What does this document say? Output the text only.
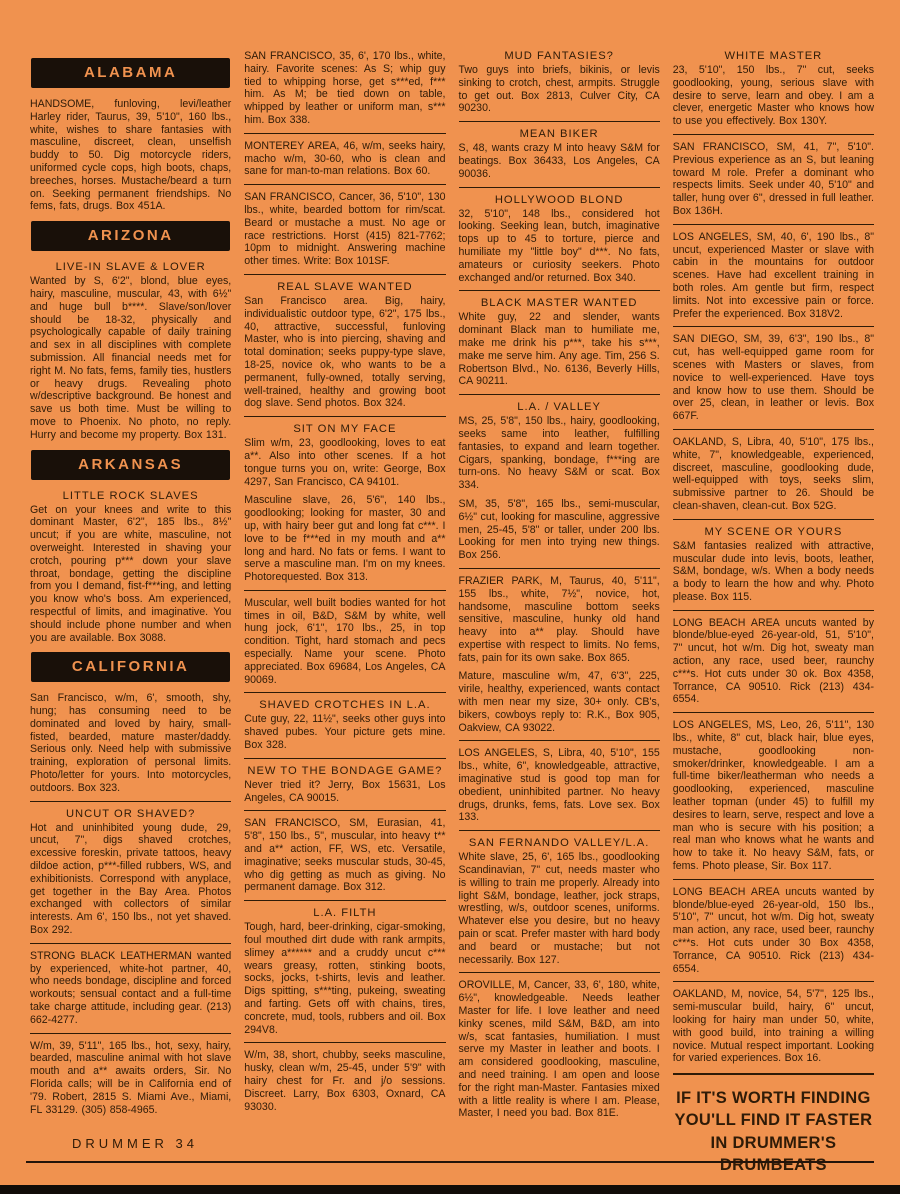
ALABAMA

HANDSOME, funloving, levi/leather Harley rider, Taurus, 39, 5'10", 160 lbs., white, wishes to share fantasies with masculine, discreet, clean, unselfish buddy to 50. Dig motorcycle riders, uniformed cycle cops, high boots, chaps, breeches, horses. Mustache/beard a turn on. Seeking permanent friendships. No fems, fats, drugs. Box 451A.

ARIZONA
LIVE-IN SLAVE & LOVER

Wanted by S, 6'2", blond, blue eyes, hairy, masculine, muscular, 43, with 6½" and huge bull b****. Slave/son/lover should be 18-32, physically and psychologically capable of daily training and sex in all disciplines with complete submission. All financial needs met for right M. No fats, fems, family ties, hustlers or heavy drugs. Revealing photo w/descriptive background. Be honest and save us both time. Must be willing to move to Phoenix. No photo, no reply. Hurry and become my property. Box 131.

ARKANSAS
LITTLE ROCK SLAVES

Get on your knees and write to this dominant Master, 6'2", 185 lbs., 8½" uncut; if you are white, masculine, not overweight. Interested in shaving your crotch, pouring p*** down your slave throat, bondage, getting the discipline from you I demand, fist-f***ing, and letting you know who's boss. Am experienced, respectful of limits, and imaginative. You should include phone number and when you are available. Box 3088.

CALIFORNIA

San Francisco, w/m, 6', smooth, shy, hung; has consuming need to be dominated and loved by hairy, small-fisted, bearded, mature master/daddy. Serious only. Need help with submissive training, exploration of personal limits. Photo/letter for yours. Into motorcycles, outdoors. Box 323.

UNCUT OR SHAVED?

Hot and uninhibited young dude, 29, uncut, 7", digs shaved crotches, excessive foreskin, private tattoos, heavy dildoe action, p***-filled rubbers, WS, and exhibitionists. Correspond with anyplace, get together in the Bay Area. Photos exchanged with collectors of similar interests. Am 6', 150 lbs., not yet shaved. Box 292.

STRONG BLACK LEATHERMAN wanted by experienced, white-hot partner, 40, who needs bondage, discipline and forced workouts; sensual contact and a full-time take charge attitude, including gear. (213) 662-4277.

W/m, 39, 5'11", 165 lbs., hot, sexy, hairy, bearded, masculine animal with hot slave mouth and a** awaits orders, Sir. No Florida calls; will be in California end of '79. Robert, 2815 S. Miami Ave., Miami, FL 33129. (305) 858-4965.

SAN FRANCISCO, 35, 6', 170 lbs., white, hairy. Favorite scenes: As S; whip guy tied to whipping horse, get s***ed, f*** him. As M; be tied down on table, whipped by leather or uniform man, s*** him. Box 338.

MONTEREY AREA, 46, w/m, seeks hairy, macho w/m, 30-60, who is clean and sane for man-to-man relations. Box 60.

SAN FRANCISCO, Cancer, 36, 5'10", 130 lbs., white, bearded bottom for rim/scat. Beard or mustache a must. No age or race restrictions. Horst (415) 821-7762; 10pm to midnight. Answering machine other times. Write: Box 101SF.

REAL SLAVE WANTED

San Francisco area. Big, hairy, individualistic outdoor type, 6'2", 175 lbs., 40, attractive, successful, funloving Master, who is into piercing, shaving and total domination; seeks puppy-type slave, 18-25, novice ok, who wants to be a permanent, fully-owned, totally serving, well-trained, healthy and growing boot dog slave. Send photos. Box 324.

SIT ON MY FACE

Slim w/m, 23, goodlooking, loves to eat a**. Also into other scenes. If a hot tongue turns you on, write: George, Box 4297, San Francisco, CA 94101.

Masculine slave, 26, 5'6", 140 lbs., goodlooking; looking for master, 30 and up, with hairy beer gut and long fat c***. I love to be f***ed in my mouth and a** long and hard. No fats or fems. I want to serve a masculine man. I'm on my knees. Photorequested. Box 313.

Muscular, well built bodies wanted for hot times in oil, B&D, S&M by white, well hung jock, 6'1", 170 lbs., 25, in top condition. Tight, hard stomach and pecs especially. Name your scene. Photo appreciated. Box 69684, Los Angeles, CA 90069.

SHAVED CROTCHES IN L.A.

Cute guy, 22, 11½", seeks other guys into shaved pubes. Your picture gets mine. Box 328.

NEW TO THE BONDAGE GAME?

Never tried it? Jerry, Box 15631, Los Angeles, CA 90015.

SAN FRANCISCO, SM, Eurasian, 41, 5'8", 150 lbs., 5", muscular, into heavy t** and a** action, FF, WS, etc. Versatile, imaginative; seeks muscular studs, 30-45, who dig getting as much as giving. No permanent damage. Box 312.

L.A. FILTH

Tough, hard, beer-drinking, cigar-smoking, foul mouthed dirt dude with rank armpits, slimey a****** and a cruddy uncut c*** wears greasy, rotten, stinking boots, socks, jocks, t-shirts, levis and leather. Digs spitting, s***ting, pukeing, sweating and farting. Gets off with chains, tires, concrete, mud, tools, rubbers and oil. Box 294V8.

W/m, 38, short, chubby, seeks masculine, husky, clean w/m, 25-45, under 5'9" with hairy chest for Fr. and j/o sessions. Discreet. Larry, Box 6303, Oxnard, CA 93030.

MUD FANTASIES?

Two guys into briefs, bikinis, or levis sinking to crotch, chest, armpits. Struggle to get out. Box 2813, Culver City, CA 90230.

MEAN BIKER

S, 48, wants crazy M into heavy S&M for beatings. Box 36433, Los Angeles, CA 90036.

HOLLYWOOD BLOND

32, 5'10", 148 lbs., considered hot looking. Seeking lean, butch, imaginative tops up to 45 to torture, pierce and humiliate my "little boy" d***. No fats, amateurs or curiosity seekers. Photo exchanged and/or returned. Box 340.

BLACK MASTER WANTED

White guy, 22 and slender, wants dominant Black man to humiliate me, make me drink his p***, take his s***, make me serve him. Any age. Tim, 256 S. Robertson Blvd., No. 6136, Beverly Hills, CA 90211.

L.A. / VALLEY

MS, 25, 5'8", 150 lbs., hairy, goodlooking, seeks same into leather, fulfilling fantasies, to expand and learn together. Cigars, spanking, bondage, f***ing are turn-ons. No heavy S&M or scat. Box 334.

SM, 35, 5'8", 165 lbs., semi-muscular, 6½" cut, looking for masculine, aggressive men, 25-45, 5'8" or taller, under 200 lbs. Looking for men into trying new things. Box 256.

FRAZIER PARK, M, Taurus, 40, 5'11", 155 lbs., white, 7½", novice, hot, handsome, masculine bottom seeks sensitive, masculine, hunky old hand heavy into a** play. Should have expertise with respect to limits. No fems, fats, pain for its own sake. Box 865.

Mature, masculine w/m, 47, 6'3", 225, virile, healthy, experienced, wants contact with men near my size, 30+ only. CB's, bikers, cowboys reply to: R.K., Box 905, Oakview, CA 93022.

LOS ANGELES, S, Libra, 40, 5'10", 155 lbs., white, 6", knowledgeable, attractive, imaginative stud is good top man for obedient, uninhibited partner. No heavy drugs, drunks, fems, fats. Love sex. Box 133.

SAN FERNANDO VALLEY/L.A.

White slave, 25, 6', 165 lbs., goodlooking Scandinavian, 7" cut, needs master who is willing to train me properly. Already into light S&M, bondage, leather, jock straps, wrestling, w/s, outdoor scenes, uniforms. Whatever else you desire, but no heavy pain or scat. Prefer master with hard body and beard or mustache; but not necessarily. Box 127.

OROVILLE, M, Cancer, 33, 6', 180, white, 6½", knowledgeable. Needs leather Master for life. I love leather and need kinky scenes, mild S&M, B&D, am into w/s, scat fantasies, humiliation. I must serve my Master in leather and boots. I am considered goodlooking, masculine, and need training. I am open and loose for the right man-Master. Fantasies mixed with a little reality is where I am. Please, Master, I need you bad. Box 81E.

WHITE MASTER

23, 5'10", 150 lbs., 7" cut, seeks goodlooking, young, serious slave with desire to serve, learn and obey. I am a clever, energetic Master who knows how to use you effectively. Box 130Y.

SAN FRANCISCO, SM, 41, 7", 5'10". Previous experience as an S, but leaning toward M role. Prefer a dominant who respects limits. Seek under 40, 5'10" and taller, hung over 6", dressed in full leather. Box 136H.

LOS ANGELES, SM, 40, 6', 190 lbs., 8" uncut, experienced Master or slave with cabin in the mountains for outdoor scenes. Have had excellent training in both roles. Am gentle but firm, respect limits. Not into excessive pain or force. Prefer the experienced. Box 318V2.

SAN DIEGO, SM, 39, 6'3", 190 lbs., 8" cut, has well-equipped game room for scenes with Masters or slaves, from novice to well-experienced. Have toys and know how to use them. Should be over 25, clean, in leather or levis. Box 667F.

OAKLAND, S, Libra, 40, 5'10", 175 lbs., white, 7", knowledgeable, experienced, discreet, masculine, goodlooking dude, well-equipped with toys, seeks slim, submissive partner to 26. Should be clean-shaven, clean-cut. Box 52G.

MY SCENE OR YOURS

S&M fantasies realized with attractive, muscular dude into levis, boots, leather, S&M, bondage, w/s. When a body needs a body to learn the how and why. Photo please. Box 115.

LONG BEACH AREA uncuts wanted by blonde/blue-eyed 26-year-old, 51, 5'10", 7" uncut, hot w/m. Dig hot, sweaty man action, any race, used beer, raunchy c***s. Hot cuts under 30 ok. Box 4358, Torrance, CA 90510. Rick (213) 434-6554.

LOS ANGELES, MS, Leo, 26, 5'11", 130 lbs., white, 8" cut, black hair, blue eyes, mustache, goodlooking non-smoker/drinker, knowledgeable. I am a full-time biker/leatherman who needs a goodlooking, experienced, masculine leather topman (under 45) to fulfill my desires to learn, serve, respect and love a man who is secure with his position; a real man who knows what he wants and how to take it. No heavy S&M, fats, or fems. Photo please, Sir. Box 117.

LONG BEACH AREA uncuts wanted by blonde/blue-eyed 26-year-old, 150 lbs., 5'10", 7" uncut, hot w/m. Dig hot, sweaty man action, any race, used beer, raunchy c***s. Hot cuts under 30 Box 4358, Torrance, CA 90510. Rick (213) 434-6554.

OAKLAND, M, novice, 54, 5'7", 125 lbs., semi-muscular build, hairy, 6" uncut, looking for hairy man under 50, white, with good build, into training a willing novice. Mutual respect important. Looking for varied experiences. Box 16.

IF IT'S WORTH FINDING
YOU'LL FIND IT FASTER
IN DRUMMER'S DRUMBEATS
DRUMMER 34
